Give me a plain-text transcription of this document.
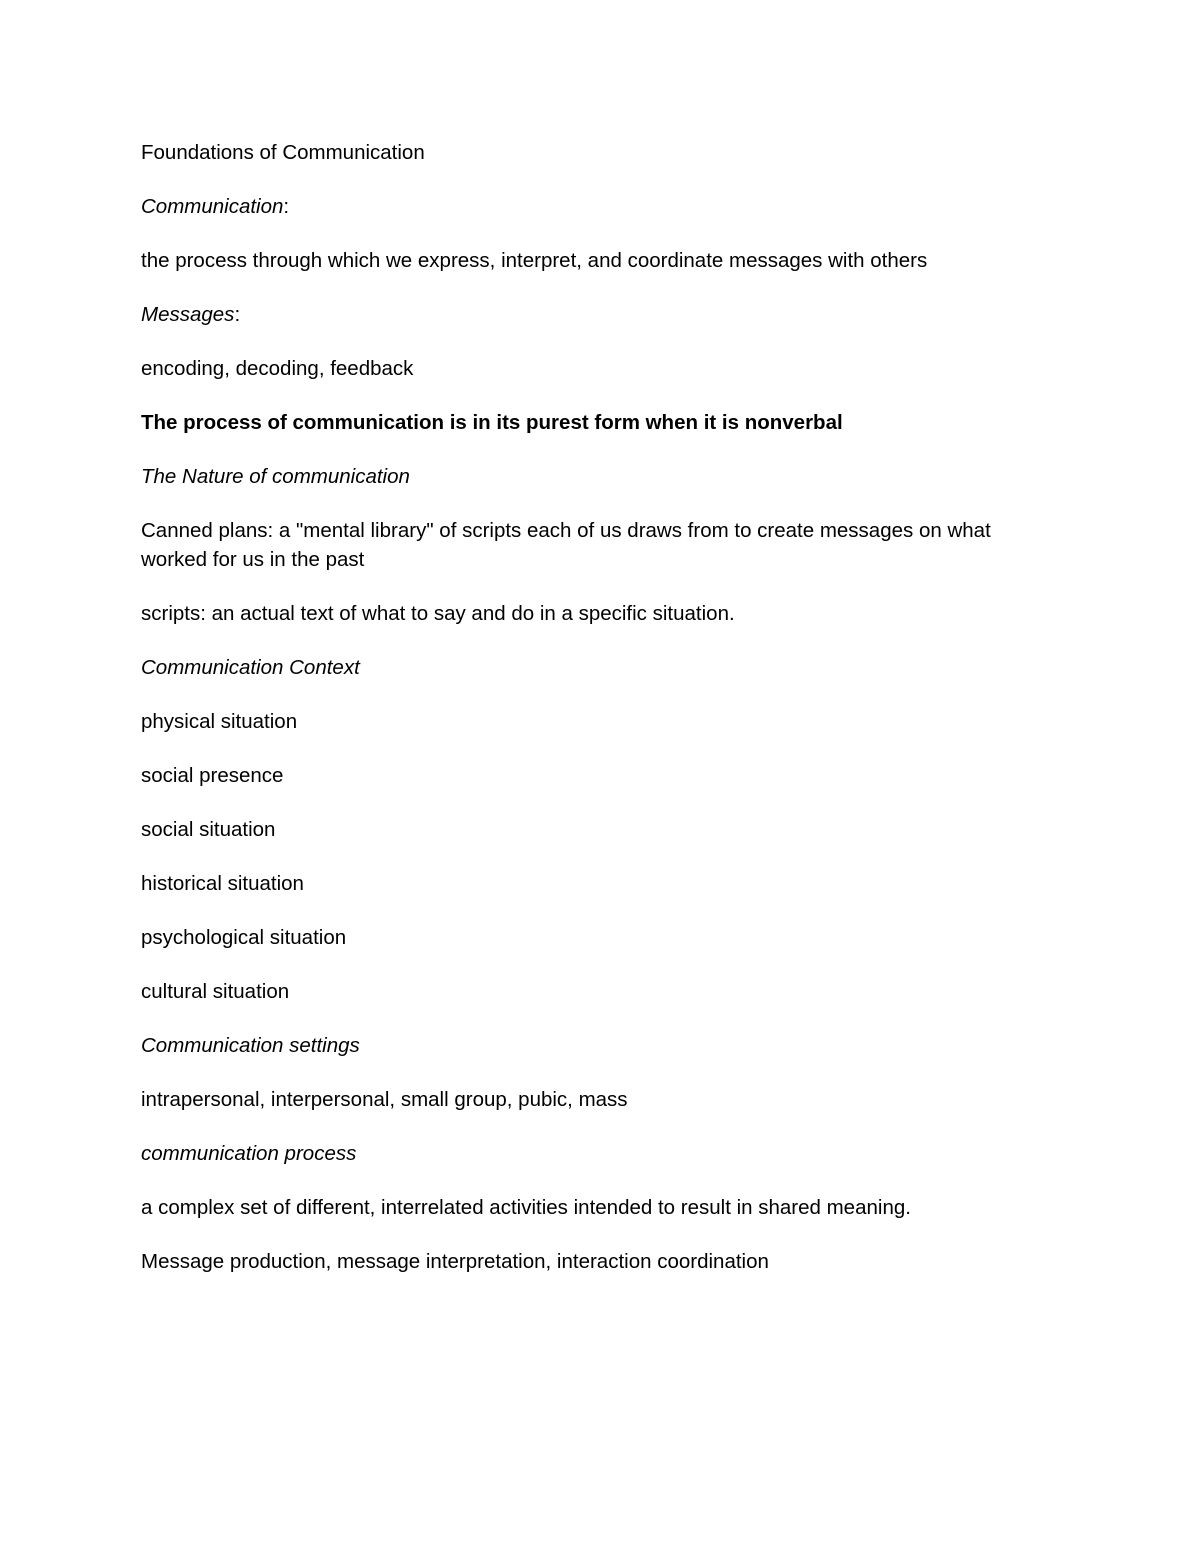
Foundations of Communication

Communication:

the process through which we express, interpret, and coordinate messages with others

Messages:

encoding, decoding, feedback

The process of communication is in its purest form when it is nonverbal

The Nature of communication

Canned plans: a "mental library" of scripts each of us draws from to create messages on what worked for us in the past

scripts: an actual text of what to say and do in a specific situation.

Communication Context

physical situation

social presence

social situation

historical situation

psychological situation

cultural situation

Communication settings

intrapersonal, interpersonal, small group, pubic, mass

communication process

a complex set of different, interrelated activities intended to result in shared meaning.

Message production, message interpretation, interaction coordination
